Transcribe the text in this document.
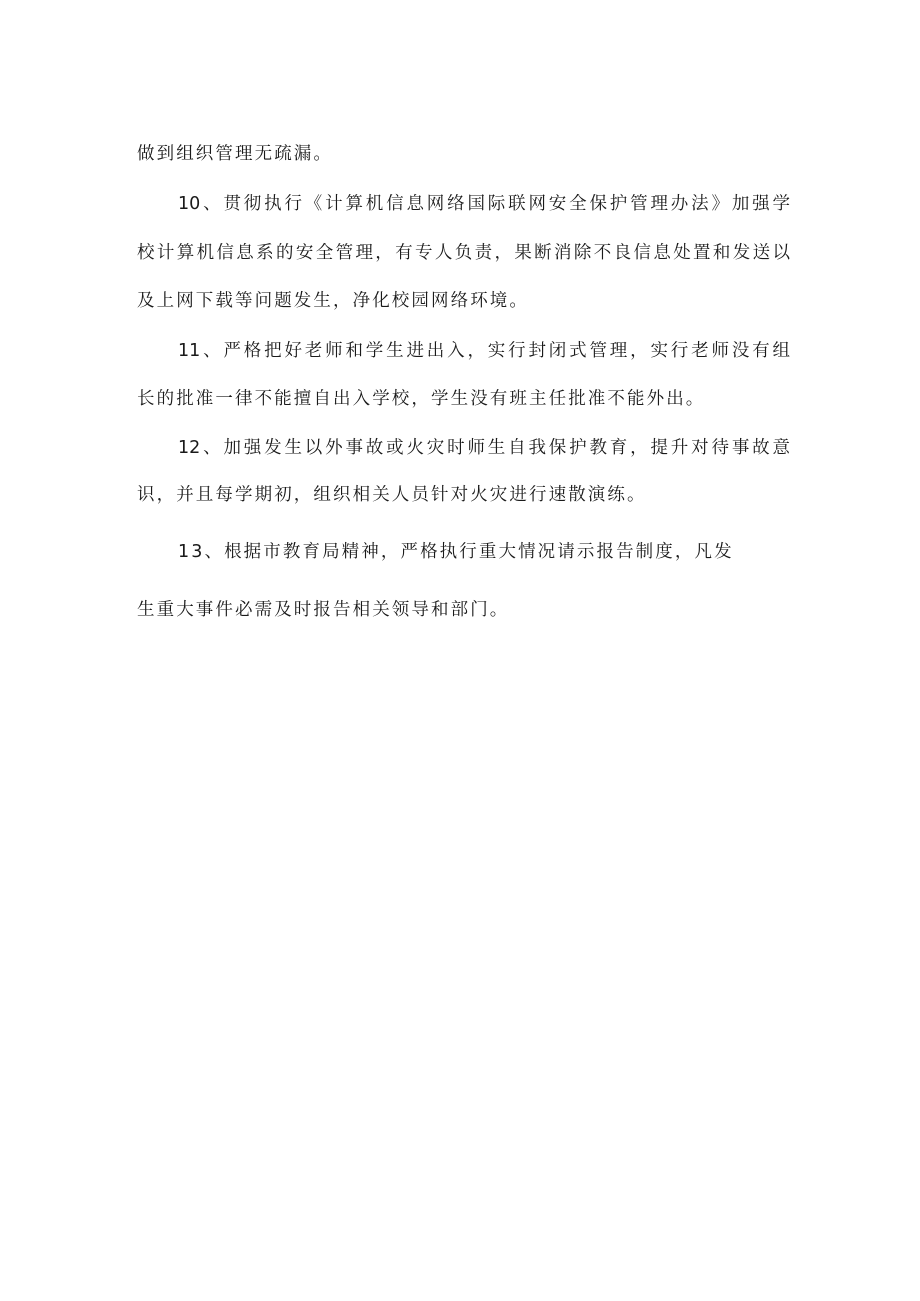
做到组织管理无疏漏。
10、贯彻执行《计算机信息网络国际联网安全保护管理办法》加强学
校计算机信息系的安全管理，有专人负责，果断消除不良信息处置和发送以
及上网下载等问题发生，净化校园网络环境。
11、严格把好老师和学生进出入，实行封闭式管理，实行老师没有组
长的批准一律不能擅自出入学校，学生没有班主任批准不能外出。
12、加强发生以外事故或火灾时师生自我保护教育，提升对待事故意
识，并且每学期初，组织相关人员针对火灾进行速散演练。
13、根据市教育局精神，严格执行重大情况请示报告制度，凡发
生重大事件必需及时报告相关领导和部门。
